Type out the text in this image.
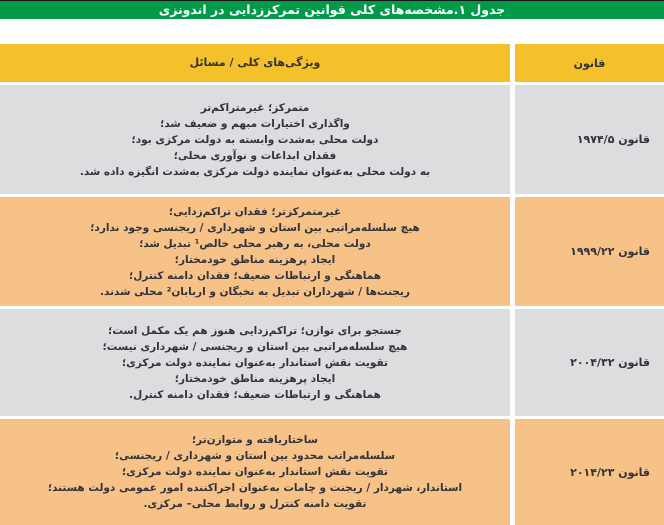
جدول ۱.مشخصه‌های کلی قوانین تمرکززدایی در اندونزی
قانون
ویژگی‌های کلی / مسائل
قانون ۱۹۷۴/۵
متمرکز؛ غیرمتراکم‌تر
واگذاری اختیارات مبهم و ضعیف شد؛
دولت محلی به‌شدت وابسته به دولت مرکزی بود؛
فقدان ابداعات و نوآوری محلی؛
به دولت محلی به‌عنوان نماینده دولت مرکزی به‌شدت انگیزه داده شد.
قانون ۱۹۹۹/۲۲
غیرمتمرکزتر؛ فقدان تراکم‌زدایی؛
هیچ سلسله‌مراتبی بین استان و شهرداری / ریجنسی وجود ندارد؛
دولت محلی، به رهبر محلی خالص¹ تبدیل شد؛
ایجاد پرهزینه مناطق خودمختار؛
هماهنگی و ارتباطات ضعیف؛ فقدان دامنه کنترل؛
ریجنت‌ها / شهرداران تبدیل به نخبگان و اربابان² محلی شدند.
قانون ۲۰۰۴/۳۲
جستجو برای توازن؛ تراکم‌زدایی هنوز هم یک مکمل است؛
هیچ سلسله‌مراتبی بین استان و ریجنسی / شهرداری نیست؛
تقویت نقش استاندار به‌عنوان نماینده دولت مرکزی؛
ایجاد پرهزینه مناطق خودمختار؛
هماهنگی و ارتباطات ضعیف؛ فقدان دامنه کنترل.
قانون ۲۰۱۴/۲۳
ساختاریافته و متوازن‌تر؛
سلسله‌مراتب محدود بین استان و شهرداری / ریجنسی؛
تقویت نقش استاندار به‌عنوان نماینده دولت مرکزی؛
استاندار، شهردار / ریجنت و چامات به‌عنوان اجراکننده امور عمومی دولت هستند؛
تقویت دامنه کنترل و روابط محلی– مرکزی.
